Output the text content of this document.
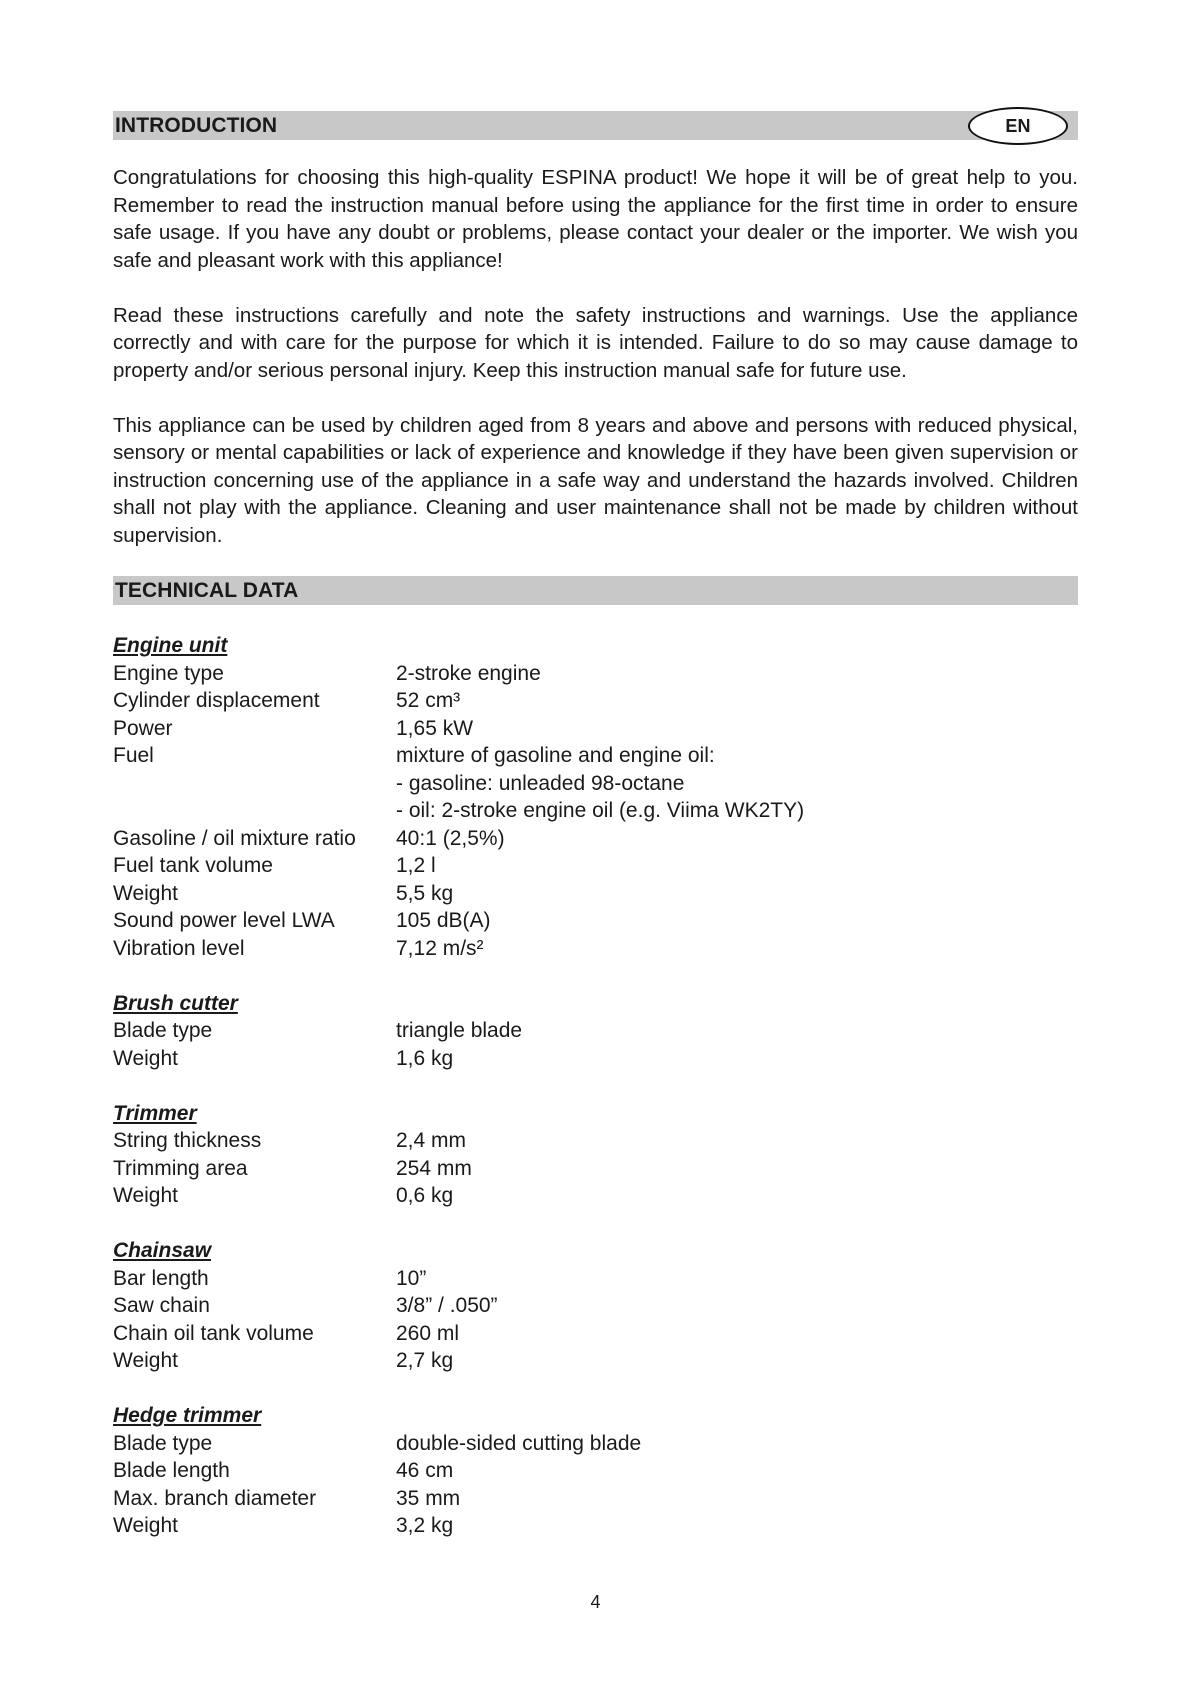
INTRODUCTION	EN

Congratulations for choosing this high-quality ESPINA product! We hope it will be of great help to you. Remember to read the instruction manual before using the appliance for the first time in order to ensure safe usage. If you have any doubt or problems, please contact your dealer or the importer. We wish you safe and pleasant work with this appliance!

Read these instructions carefully and note the safety instructions and warnings. Use the appliance correctly and with care for the purpose for which it is intended. Failure to do so may cause damage to property and/or serious personal injury. Keep this instruction manual safe for future use.

This appliance can be used by children aged from 8 years and above and persons with reduced physical, sensory or mental capabilities or lack of experience and knowledge if they have been given supervision or instruction concerning use of the appliance in a safe way and understand the hazards involved. Children shall not play with the appliance. Cleaning and user maintenance shall not be made by children without supervision.

TECHNICAL DATA
Engine unit
Engine type	2-stroke engine
Cylinder displacement	52 cm³
Power	1,65 kW
Fuel	mixture of gasoline and engine oil:
- gasoline: unleaded 98-octane
- oil: 2-stroke engine oil (e.g. Viima WK2TY)
Gasoline / oil mixture ratio	40:1 (2,5%)
Fuel tank volume	1,2 l
Weight	5,5 kg
Sound power level LWA	105 dB(A)
Vibration level	7,12 m/s²
Brush cutter
Blade type	triangle blade
Weight	1,6 kg
Trimmer
String thickness	2,4 mm
Trimming area	254 mm
Weight	0,6 kg
Chainsaw
Bar length	10”
Saw chain	3/8” / .050”
Chain oil tank volume	260 ml
Weight	2,7 kg
Hedge trimmer
Blade type	double-sided cutting blade
Blade length	46 cm
Max. branch diameter	35 mm
Weight	3,2 kg
4
